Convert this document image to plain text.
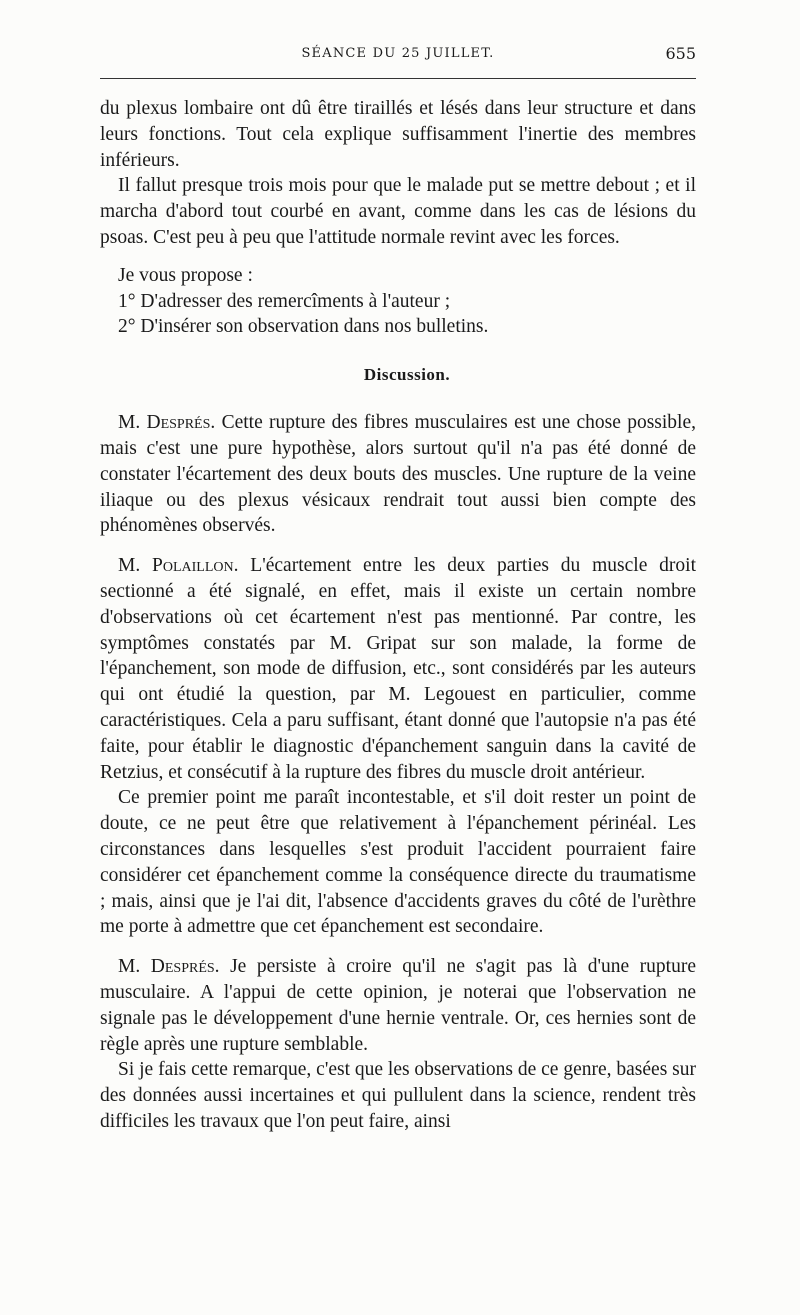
SÉANCE DU 25 JUILLET.	655

du plexus lombaire ont dû être tiraillés et lésés dans leur structure et dans leurs fonctions. Tout cela explique suffisamment l'inertie des membres inférieurs.

Il fallut presque trois mois pour que le malade put se mettre debout ; et il marcha d'abord tout courbé en avant, comme dans les cas de lésions du psoas. C'est peu à peu que l'attitude normale revint avec les forces.

Je vous propose :

1° D'adresser des remercîments à l'auteur ;

2° D'insérer son observation dans nos bulletins.

Discussion.

M. Després. Cette rupture des fibres musculaires est une chose possible, mais c'est une pure hypothèse, alors surtout qu'il n'a pas été donné de constater l'écartement des deux bouts des muscles. Une rupture de la veine iliaque ou des plexus vésicaux rendrait tout aussi bien compte des phénomènes observés.

M. Polaillon. L'écartement entre les deux parties du muscle droit sectionné a été signalé, en effet, mais il existe un certain nombre d'observations où cet écartement n'est pas mentionné. Par contre, les symptômes constatés par M. Gripat sur son malade, la forme de l'épanchement, son mode de diffusion, etc., sont considérés par les auteurs qui ont étudié la question, par M. Legouest en particulier, comme caractéristiques. Cela a paru suffisant, étant donné que l'autopsie n'a pas été faite, pour établir le diagnostic d'épanchement sanguin dans la cavité de Retzius, et consécutif à la rupture des fibres du muscle droit antérieur.

Ce premier point me paraît incontestable, et s'il doit rester un point de doute, ce ne peut être que relativement à l'épanchement périnéal. Les circonstances dans lesquelles s'est produit l'accident pourraient faire considérer cet épanchement comme la conséquence directe du traumatisme ; mais, ainsi que je l'ai dit, l'absence d'accidents graves du côté de l'urèthre me porte à admettre que cet épanchement est secondaire.

M. Després. Je persiste à croire qu'il ne s'agit pas là d'une rupture musculaire. A l'appui de cette opinion, je noterai que l'observation ne signale pas le développement d'une hernie ventrale. Or, ces hernies sont de règle après une rupture semblable.

Si je fais cette remarque, c'est que les observations de ce genre, basées sur des données aussi incertaines et qui pullulent dans la science, rendent très difficiles les travaux que l'on peut faire, ainsi
